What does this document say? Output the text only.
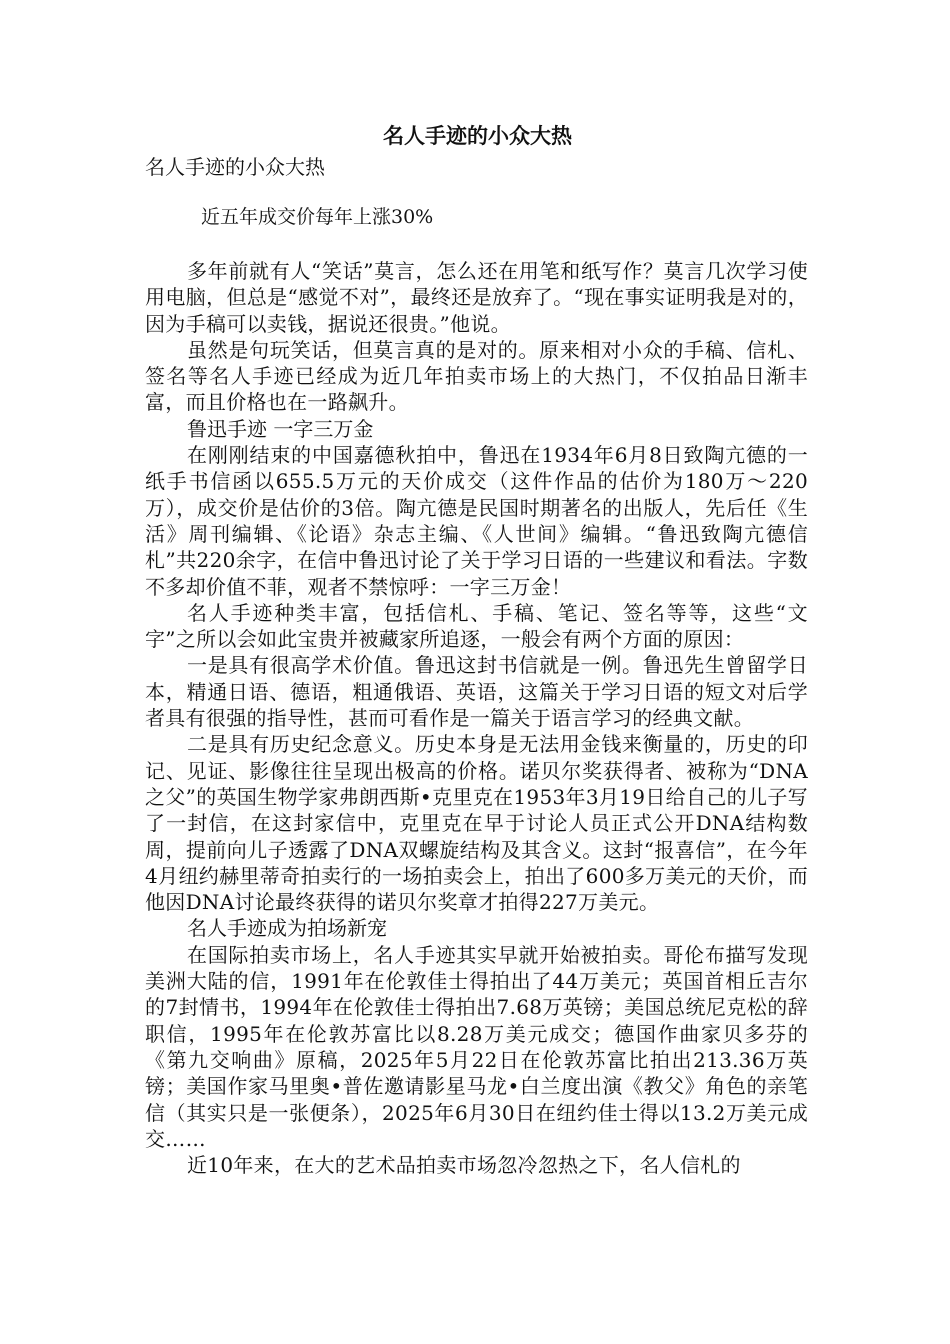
名人手迹的小众大热
名人手迹的小众大热
近五年成交价每年上涨30%

多年前就有人“笑话”莫言，怎么还在用笔和纸写作？莫言几次学习使用电脑，但总是“感觉不对”，最终还是放弃了。“现在事实证明我是对的，因为手稿可以卖钱，据说还很贵。”他说。

虽然是句玩笑话，但莫言真的是对的。原来相对小众的手稿、信札、签名等名人手迹已经成为近几年拍卖市场上的大热门，不仅拍品日渐丰富，而且价格也在一路飙升。

鲁迅手迹 一字三万金

在刚刚结束的中国嘉德秋拍中，鲁迅在1934年6月8日致陶亢德的一纸手书信函以655.5万元的天价成交（这件作品的估价为180万～220万），成交价是估价的3倍。陶亢德是民国时期著名的出版人，先后任《生活》周刊编辑、《论语》杂志主编、《人世间》编辑。“鲁迅致陶亢德信札”共220余字，在信中鲁迅讨论了关于学习日语的一些建议和看法。字数不多却价值不菲，观者不禁惊呼：一字三万金！

名人手迹种类丰富，包括信札、手稿、笔记、签名等等，这些“文字”之所以会如此宝贵并被藏家所追逐，一般会有两个方面的原因：

一是具有很高学术价值。鲁迅这封书信就是一例。鲁迅先生曾留学日本，精通日语、德语，粗通俄语、英语，这篇关于学习日语的短文对后学者具有很强的指导性，甚而可看作是一篇关于语言学习的经典文献。

二是具有历史纪念意义。历史本身是无法用金钱来衡量的，历史的印记、见证、影像往往呈现出极高的价格。诺贝尔奖获得者、被称为“DNA之父”的英国生物学家弗朗西斯•克里克在1953年3月19日给自己的儿子写了一封信，在这封家信中，克里克在早于讨论人员正式公开DNA结构数周，提前向儿子透露了DNA双螺旋结构及其含义。这封“报喜信”，在今年4月纽约赫里蒂奇拍卖行的一场拍卖会上，拍出了600多万美元的天价，而他因DNA讨论最终获得的诺贝尔奖章才拍得227万美元。

名人手迹成为拍场新宠

在国际拍卖市场上，名人手迹其实早就开始被拍卖。哥伦布描写发现美洲大陆的信，1991年在伦敦佳士得拍出了44万美元；英国首相丘吉尔的7封情书，1994年在伦敦佳士得拍出7.68万英镑；美国总统尼克松的辞职信，1995年在伦敦苏富比以8.28万美元成交；德国作曲家贝多芬的《第九交响曲》原稿，2025年5月22日在伦敦苏富比拍出213.36万英镑；美国作家马里奥•普佐邀请影星马龙•白兰度出演《教父》角色的亲笔信（其实只是一张便条），2025年6月30日在纽约佳士得以13.2万美元成交……

近10年来，在大的艺术品拍卖市场忽冷忽热之下，名人信札的
